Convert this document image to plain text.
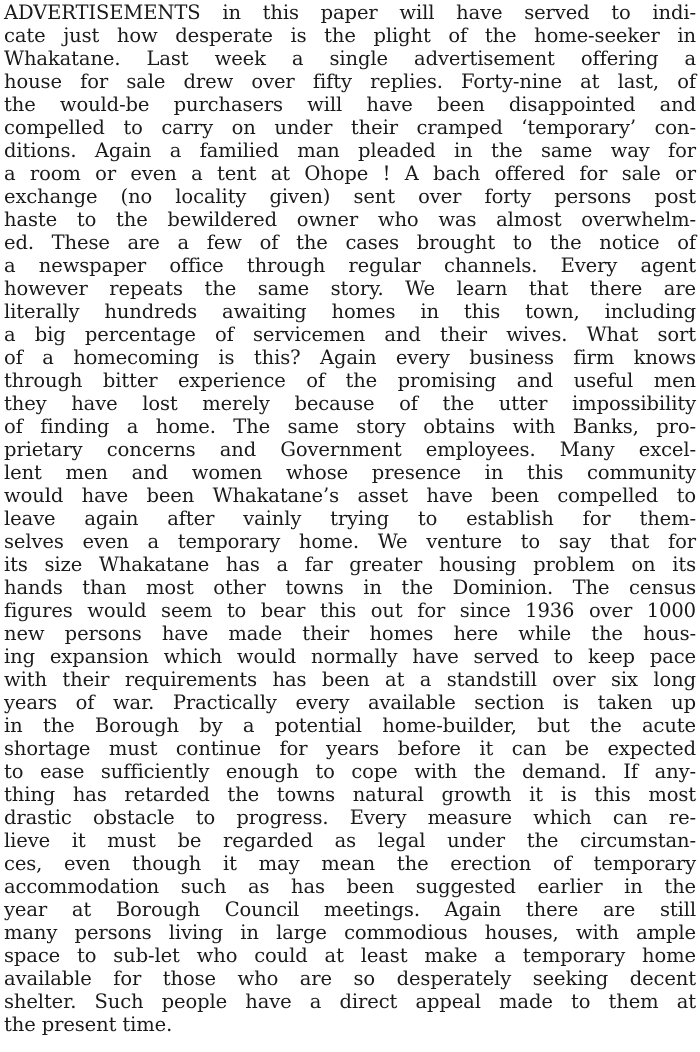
ADVERTISEMENTS in this paper will have served to indi-
cate just how desperate is the plight of the home-seeker in
Whakatane. Last week a single advertisement offering a
house for sale drew over fifty replies. Forty-nine at last, of
the would-be purchasers will have been disappointed and
compelled to carry on under their cramped ‘temporary’ con-
ditions. Again a familied man pleaded in the same way for
a room or even a tent at Ohope ! A bach offered for sale or
exchange (no locality given) sent over forty persons post
haste to the bewildered owner who was almost overwhelm-
ed. These are a few of the cases brought to the notice of
a newspaper office through regular channels. Every agent
however repeats the same story. We learn that there are
literally hundreds awaiting homes in this town, including
a big percentage of servicemen and their wives. What sort
of a homecoming is this? Again every business firm knows
through bitter experience of the promising and useful men
they have lost merely because of the utter impossibility
of finding a home. The same story obtains with Banks, pro-
prietary concerns and Government employees. Many excel-
lent men and women whose presence in this community
would have been Whakatane’s asset have been compelled to
leave again after vainly trying to establish for them-
selves even a temporary home. We venture to say that for
its size Whakatane has a far greater housing problem on its
hands than most other towns in the Dominion. The census
figures would seem to bear this out for since 1936 over 1000
new persons have made their homes here while the hous-
ing expansion which would normally have served to keep pace
with their requirements has been at a standstill over six long
years of war. Practically every available section is taken up
in the Borough by a potential home-builder, but the acute
shortage must continue for years before it can be expected
to ease sufficiently enough to cope with the demand. If any-
thing has retarded the towns natural growth it is this most
drastic obstacle to progress. Every measure which can re-
lieve it must be regarded as legal under the circumstan-
ces, even though it may mean the erection of temporary
accommodation such as has been suggested earlier in the
year at Borough Council meetings. Again there are still
many persons living in large commodious houses, with ample
space to sub-let who could at least make a temporary home
available for those who are so desperately seeking decent
shelter. Such people have a direct appeal made to them at
the present time.
